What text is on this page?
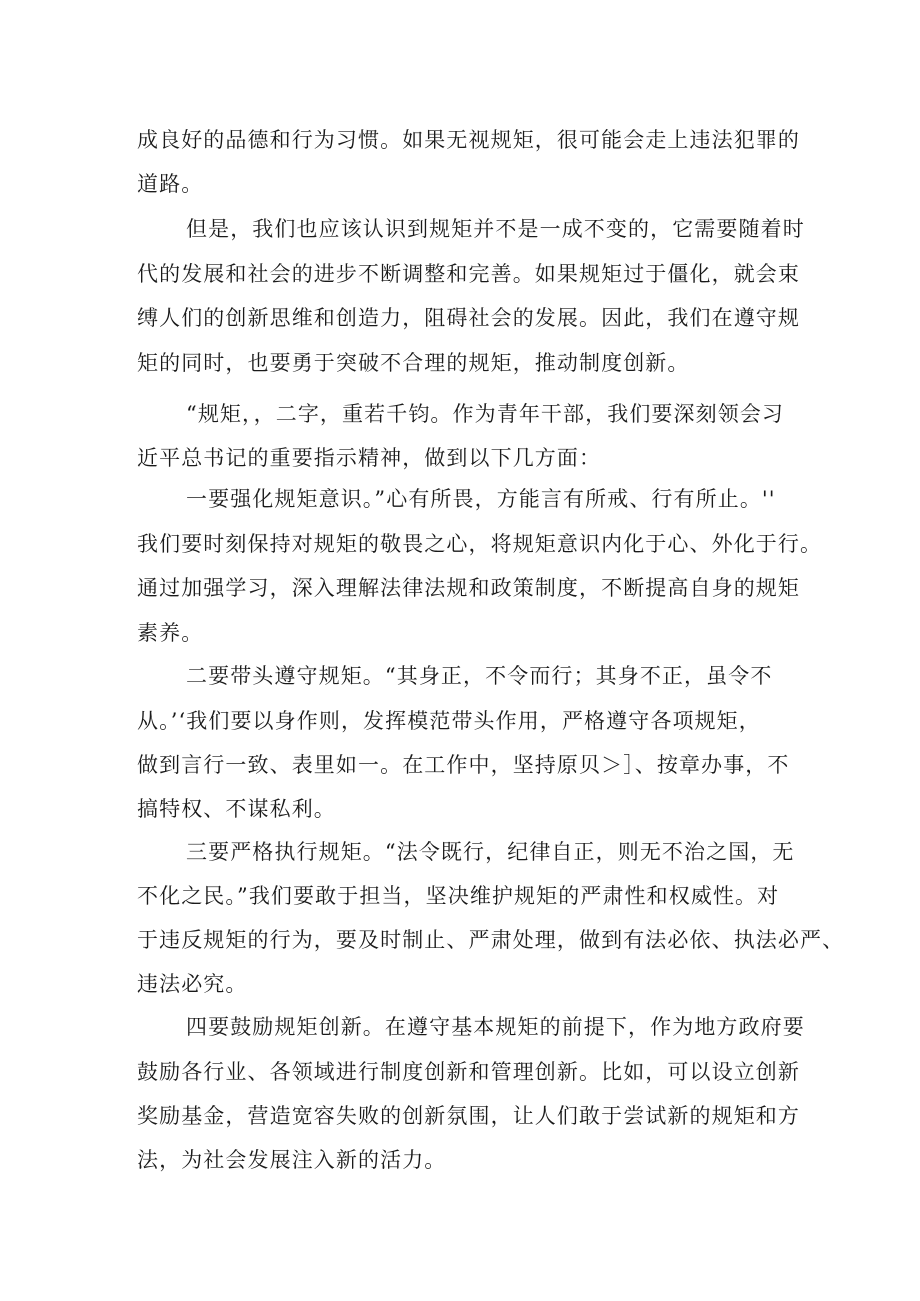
成良好的品德和行为习惯。如果无视规矩，很可能会走上违法犯罪的
道路。
但是，我们也应该认识到规矩并不是一成不变的，它需要随着时
代的发展和社会的进步不断调整和完善。如果规矩过于僵化，就会束
缚人们的创新思维和创造力，阻碍社会的发展。因此，我们在遵守规
矩的同时，也要勇于突破不合理的规矩，推动制度创新。
“规矩，，二字，重若千钧。作为青年干部，我们要深刻领会习
近平总书记的重要指示精神，做到以下几方面：
一要强化规矩意识。”心有所畏，方能言有所戒、行有所止。''
我们要时刻保持对规矩的敬畏之心，将规矩意识内化于心、外化于行。
通过加强学习，深入理解法律法规和政策制度，不断提高自身的规矩
素养。
二要带头遵守规矩。“其身正，不令而行；其身不正，虽令不
从。’‘我们要以身作则，发挥模范带头作用，严格遵守各项规矩，
做到言行一致、表里如一。在工作中，坚持原贝＞］、按章办事，不
搞特权、不谋私利。
三要严格执行规矩。“法令既行，纪律自正，则无不治之国，无
不化之民。”我们要敢于担当，坚决维护规矩的严肃性和权威性。对
于违反规矩的行为，要及时制止、严肃处理，做到有法必依、执法必严、
违法必究。
四要鼓励规矩创新。在遵守基本规矩的前提下，作为地方政府要
鼓励各行业、各领域进行制度创新和管理创新。比如，可以设立创新
奖励基金，营造宽容失败的创新氛围，让人们敢于尝试新的规矩和方
法，为社会发展注入新的活力。
